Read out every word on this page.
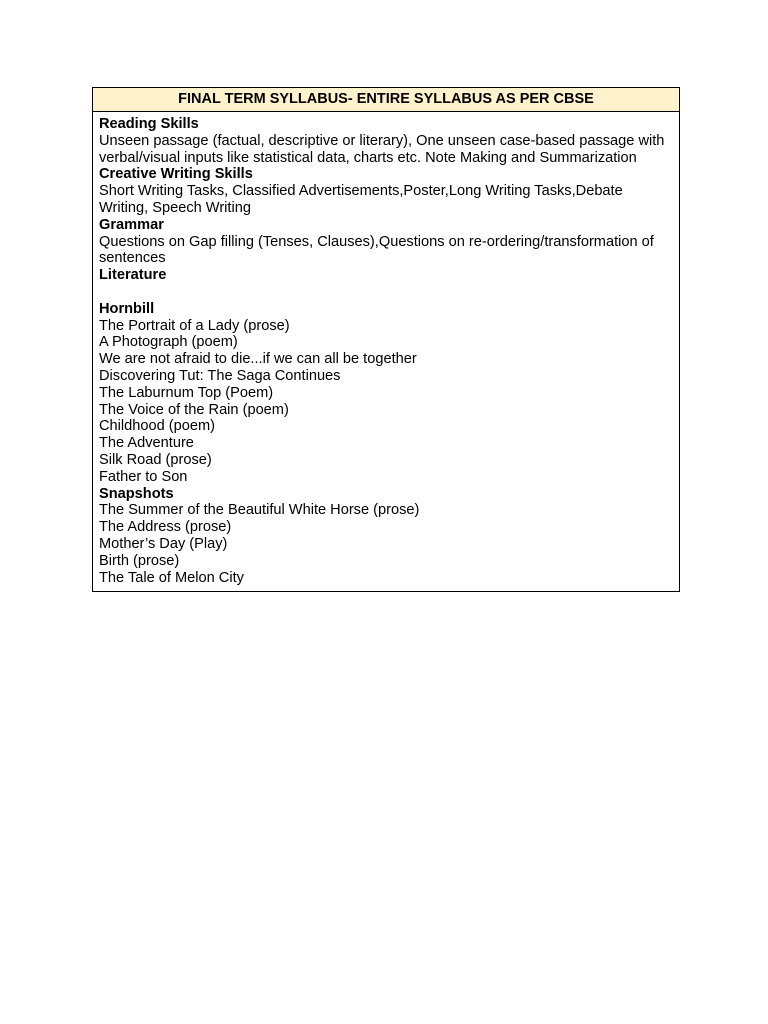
FINAL TERM SYLLABUS- ENTIRE SYLLABUS AS PER CBSE
Reading Skills
Unseen passage (factual, descriptive or literary), One unseen case-based passage with verbal/visual inputs like statistical data, charts etc. Note Making and Summarization
Creative Writing Skills
Short Writing Tasks, Classified Advertisements,Poster,Long Writing Tasks,Debate Writing, Speech Writing
Grammar
Questions on Gap filling (Tenses, Clauses),Questions on re-ordering/transformation of sentences
Literature
Hornbill
The Portrait of a Lady (prose)
A Photograph (poem)
We are not afraid to die...if we can all be together
Discovering Tut: The Saga Continues
The Laburnum Top (Poem)
The Voice of the Rain (poem)
Childhood (poem)
The Adventure
Silk Road (prose)
Father to Son
Snapshots
The Summer of the Beautiful White Horse (prose)
The Address (prose)
Mother’s Day (Play)
Birth (prose)
The Tale of Melon City
